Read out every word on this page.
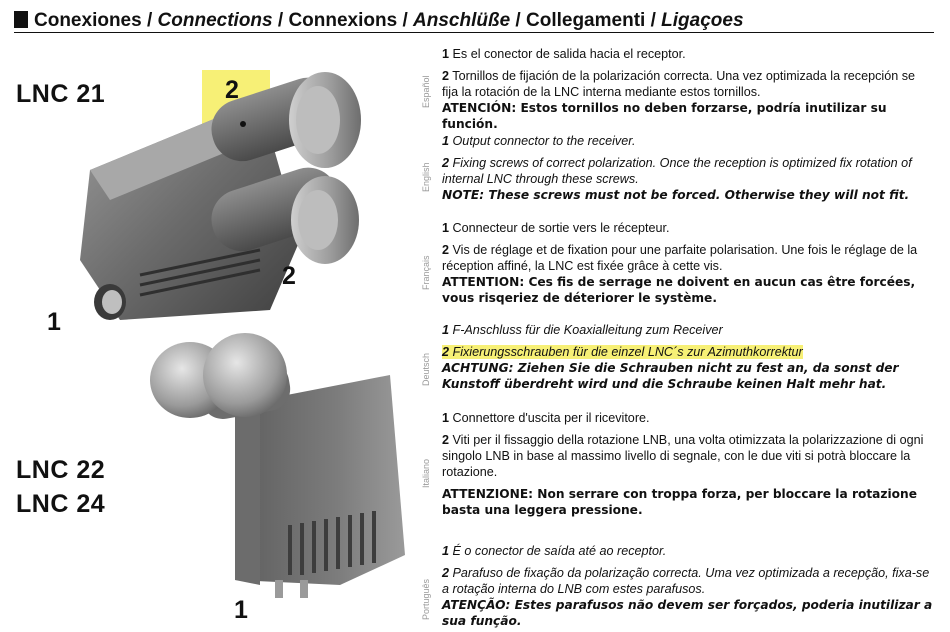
Conexiones / Connections / Connexions / Anschlüße / Collegamenti / Ligaçoes
LNC 21
LNC 22
LNC 24
2
2
1
1
Español
English
Français
Deutsch
Italiano
Português

1 Es el conector de salida hacia el receptor.

2 Tornillos de fijación de la polarización correcta. Una vez optimizada la recepción se fija la rotación de la LNC interna mediante estos tornillos.

ATENCIÓN: Estos tornillos no deben forzarse, podría inutilizar su función.

1 Output connector to the receiver.

2 Fixing screws of correct polarization. Once the reception is optimized fix rotation of internal LNC through these screws.

NOTE: These screws must not be forced. Otherwise they will not fit.

1 Connecteur de sortie vers le récepteur.

2 Vis de réglage et de fixation pour une parfaite polarisation. Une fois le réglage de la réception affiné, la LNC est fixée grâce à cette vis.

ATTENTION: Ces fis de serrage ne doivent en aucun cas être forcées, vous risqeriez de déteriorer le système.

1 F-Anschluss für die Koaxialleitung zum Receiver

2 Fixierungsschrauben für die einzel LNC´s zur Azimuthkorrektur

ACHTUNG: Ziehen Sie die Schrauben nicht zu fest an, da sonst der Kunstoff überdreht wird und die Schraube keinen Halt mehr hat.

1 Connettore d'uscita per il ricevitore.

2 Viti per il fissaggio della rotazione LNB, una volta otimizzata la polarizzazione di ogni singolo LNB in base al massimo livello di segnale, con le due viti si potrà bloccare la rotazione.

ATTENZIONE: Non serrare con troppa forza, per bloccare la rotazione basta una leggera pressione.

1 É o conector de saída até ao receptor.

2 Parafuso de fixação da polarização correcta. Uma vez optimizada a recepção, fixa-se a rotação interna do LNB com estes parafusos.

ATENÇÃO: Estes parafusos não devem ser forçados, poderia inutilizar a sua função.
